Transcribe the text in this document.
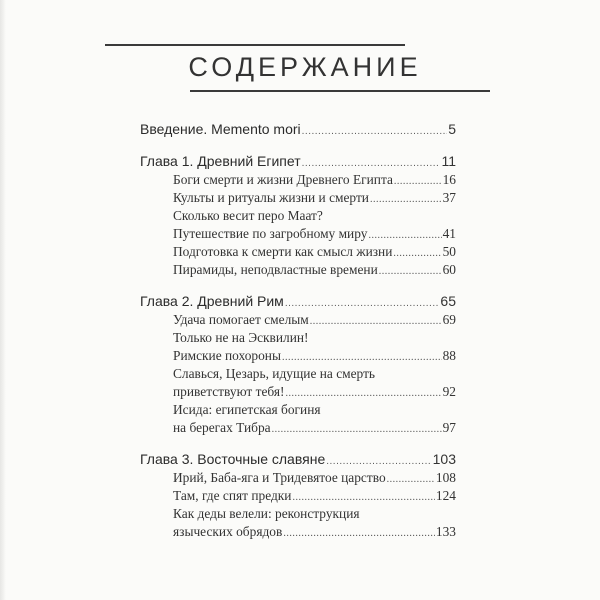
СОДЕРЖАНИЕ
Введение. Memento mori .....	5
Глава 1. Древний Египет .....	11
Боги смерти и жизни Древнего Египта .....	16
Культы и ритуалы жизни и смерти .....	37
Сколько весит перо Маат?
Путешествие по загробному миру .....	41
Подготовка к смерти как смысл жизни .....	50
Пирамиды, неподвластные времени .....	60
Глава 2. Древний Рим .....	65
Удача помогает смелым .....	69
Только не на Эсквилин!
Римские похороны .....	88
Славься, Цезарь, идущие на смерть
приветствуют тебя! .....	92
Исида: египетская богиня
на берегах Тибра .....	97
Глава 3. Восточные славяне .....	103
Ирий, Баба-яга и Тридевятое царство .....	108
Там, где спят предки .....	124
Как деды велели: реконструкция
языческих обрядов .....	133
